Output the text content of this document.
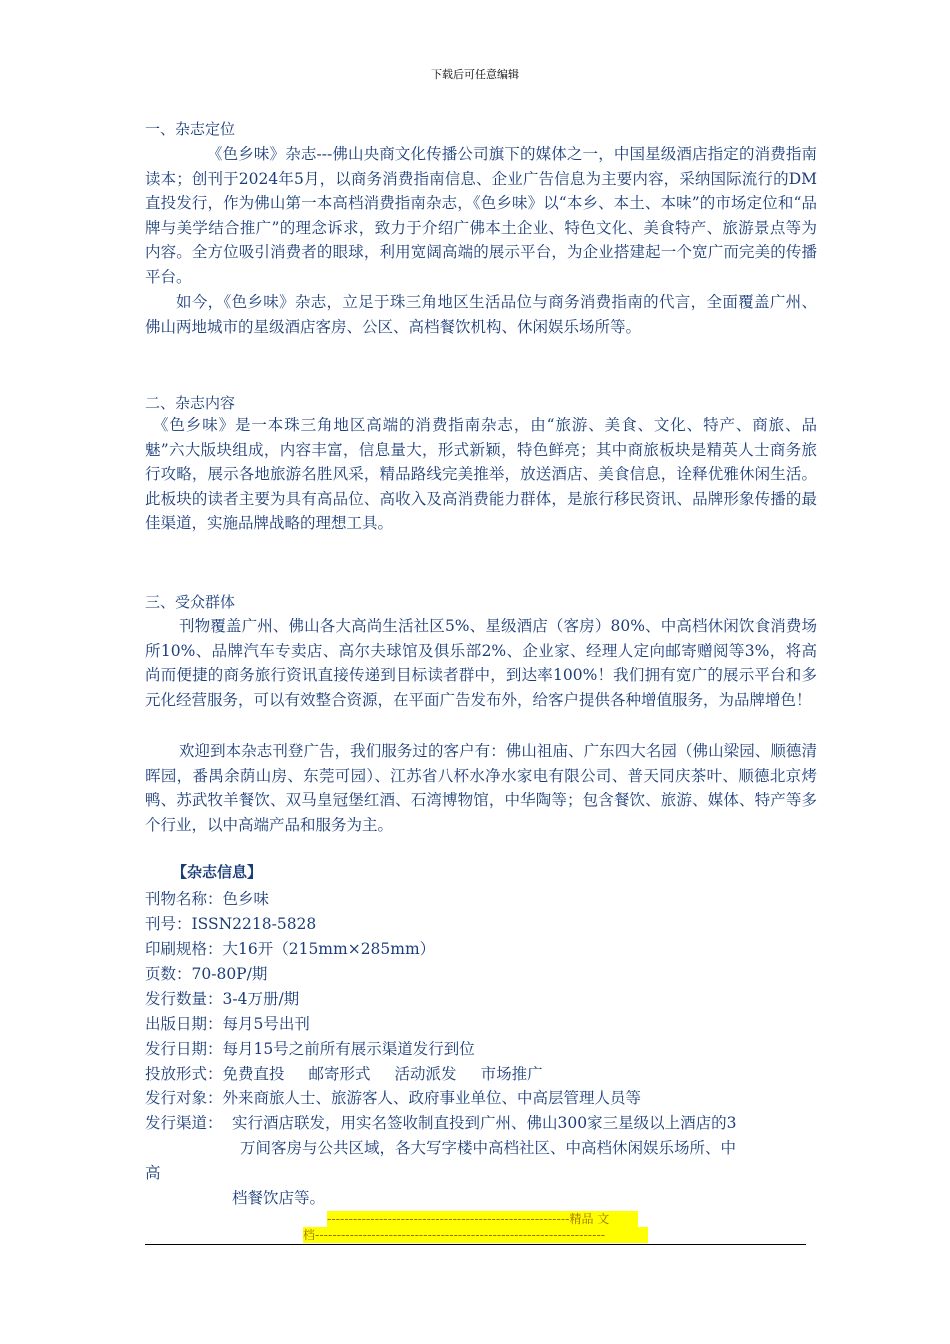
下载后可任意编辑
一、杂志定位
《色乡味》杂志---佛山央商文化传播公司旗下的媒体之一，中国星级酒店指定的消费指南读本；创刊于2024年5月，以商务消费指南信息、企业广告信息为主要内容，采纳国际流行的DM直投发行，作为佛山第一本高档消费指南杂志，《色乡味》以“本乡、本土、本味”的市场定位和“品牌与美学结合推广”的理念诉求，致力于介绍广佛本土企业、特色文化、美食特产、旅游景点等为内容。全方位吸引消费者的眼球，利用宽阔高端的展示平台，为企业搭建起一个宽广而完美的传播平台。
如今，《色乡味》杂志，立足于珠三角地区生活品位与商务消费指南的代言，全面覆盖广州、佛山两地城市的星级酒店客房、公区、高档餐饮机构、休闲娱乐场所等。
二、杂志内容
《色乡味》是一本珠三角地区高端的消费指南杂志，由“旅游、美食、文化、特产、商旅、品魅”六大版块组成，内容丰富，信息量大，形式新颖，特色鲜亮；其中商旅板块是精英人士商务旅行攻略，展示各地旅游名胜风采，精品路线完美推举，放送酒店、美食信息，诠释优雅休闲生活。此板块的读者主要为具有高品位、高收入及高消费能力群体，是旅行移民资讯、品牌形象传播的最佳渠道，实施品牌战略的理想工具。
三、受众群体
刊物覆盖广州、佛山各大高尚生活社区5%、星级酒店（客房）80%、中高档休闲饮食消费场所10%、品牌汽车专卖店、高尔夫球馆及俱乐部2%、企业家、经理人定向邮寄赠阅等3%，将高尚而便捷的商务旅行资讯直接传递到目标读者群中，到达率100%！我们拥有宽广的展示平台和多元化经营服务，可以有效整合资源，在平面广告发布外，给客户提供各种增值服务，为品牌增色！
欢迎到本杂志刊登广告，我们服务过的客户有：佛山祖庙、广东四大名园（佛山梁园、顺德清晖园，番禺余荫山房、东莞可园）、江苏省八杯水净水家电有限公司、普天同庆茶叶、顺德北京烤鸭、苏武牧羊餐饮、双马皇冠堡红酒、石湾博物馆，中华陶等；包含餐饮、旅游、媒体、特产等多个行业，以中高端产品和服务为主。
【杂志信息】
刊物名称：色乡味
刊号：ISSN2218-5828
印刷规格：大16开（215mm×285mm）
页数：70-80P/期
发行数量：3-4万册/期
出版日期：每月5号出刊
发行日期：每月15号之前所有展示渠道发行到位
投放形式：免费直投 邮寄形式 活动派发 市场推广
发行对象：外来商旅人士、旅游客人、政府事业单位、中高层管理人员等
发行渠道： 实行酒店联发，用实名签收制直投到广州、佛山300家三星级以上酒店的3
万间客房与公共区域，各大写字楼中高档社区、中高档休闲娱乐场所、中
高
档餐饮店等。
--------------------------------------------------------精品 文
档-------------------------------------------------------------------
